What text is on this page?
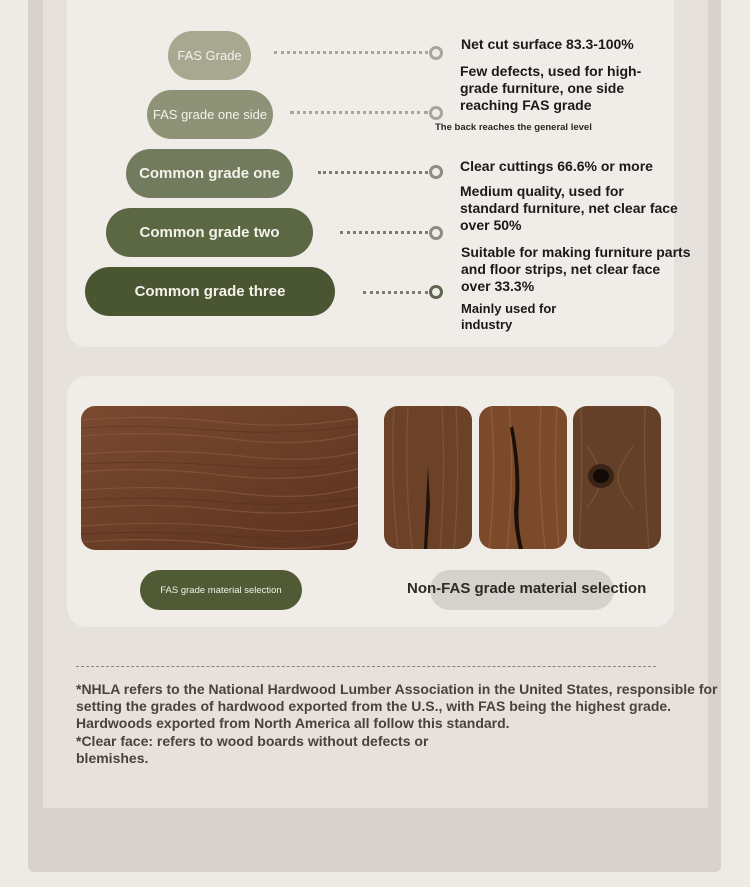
FAS Grade
FAS grade one side
Common grade one
Common grade two
Common grade three
Net cut surface 83.3-100%
Few defects, used for high-
grade furniture, one side
reaching FAS grade
The back reaches the general level
Clear cuttings 66.6% or more
Medium quality, used for
standard furniture, net clear face
over 50%
Suitable for making furniture parts
and floor strips, net clear face
over 33.3%
Mainly used for
industry
FAS grade material selection	Non-FAS grade material selection
*NHLA refers to the National Hardwood Lumber Association in the United States, responsible for
setting the grades of hardwood exported from the U.S., with FAS being the highest grade.
Hardwoods exported from North America all follow this standard.
*Clear face: refers to wood boards without defects or
blemishes.
